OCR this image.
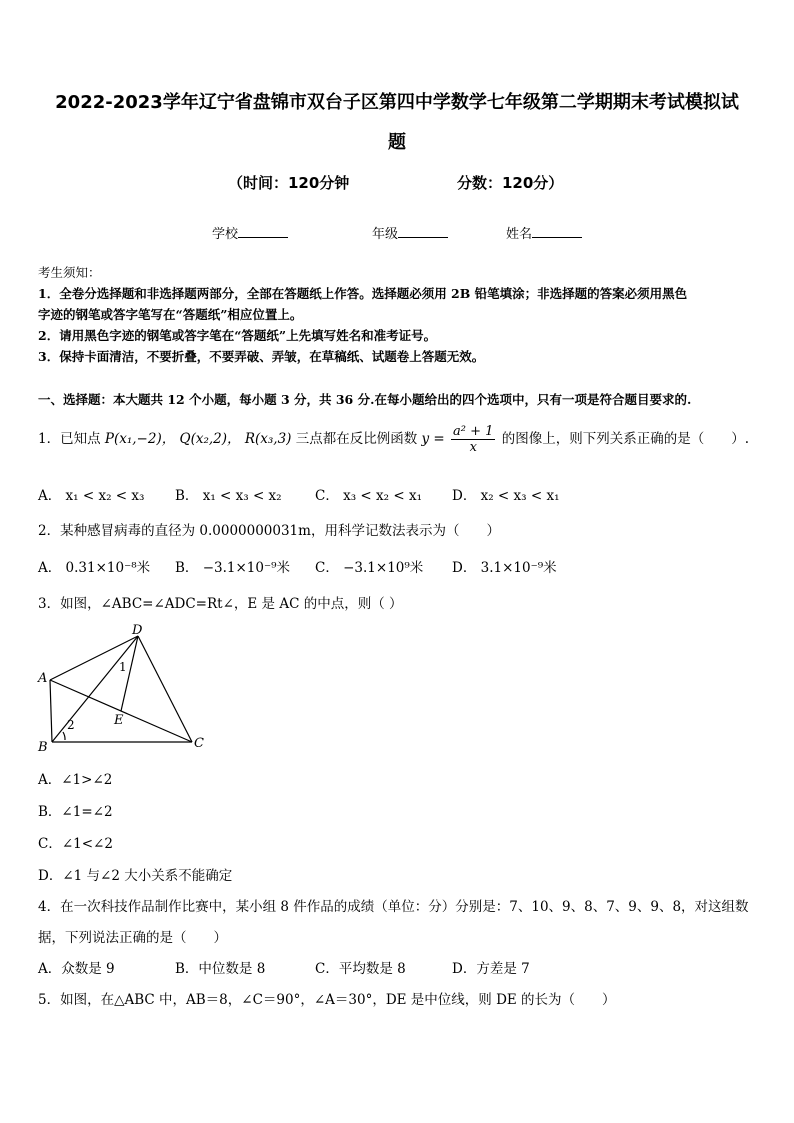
2022-2023学年辽宁省盘锦市双台子区第四中学数学七年级第二学期期末考试模拟试
题
（时间：120分钟	分数：120分）
学校	年级	姓名
考生须知：
1．全卷分选择题和非选择题两部分，全部在答题纸上作答。选择题必须用 2B 铅笔填涂；非选择题的答案必须用黑色
字迹的钢笔或答字笔写在“答题纸”相应位置上。
2．请用黑色字迹的钢笔或答字笔在“答题纸”上先填写姓名和准考证号。
3．保持卡面清洁，不要折叠，不要弄破、弄皱，在草稿纸、试题卷上答题无效。
一、选择题：本大题共 12 个小题，每小题 3 分，共 36 分.在每小题给出的四个选项中，只有一项是符合题目要求的.
1．已知点 P(x₁,−2)， Q(x₂,2)， R(x₃,3) 三点都在反比例函数 $y = \frac{\text{a² + 1}}{x}$ 的图像上，则下列关系正确的是（　　）.
A． x₁ < x₂ < x₃ B． x₁ < x₃ < x₂ C． x₃ < x₂ < x₁ D． x₂ < x₃ < x₁
2．某种感冒病毒的直径为 0.0000000031m，用科学记数法表示为（　　）
A． 0.31×10⁻⁸米 B． −3.1×10⁻⁹米 C． −3.1×10⁹米 D． 3.1×10⁻⁹米
3．如图，∠ABC=∠ADC=Rt∠，E 是 AC 的中点，则（ ）
D
A
B	C
E
1
2
A．∠1>∠2
B．∠1=∠2
C．∠1<∠2
D．∠1 与∠2 大小关系不能确定
4．在一次科技作品制作比赛中，某小组 8 件作品的成绩（单位：分）分别是：7、10、9、8、7、9、9、8，对这组数
据，下列说法正确的是（　　）
A．众数是 9	B．中位数是 8	C．平均数是 8	D．方差是 7
5．如图，在△ABC 中，AB＝8，∠C＝90°，∠A＝30°，DE 是中位线，则 DE 的长为（　　）
